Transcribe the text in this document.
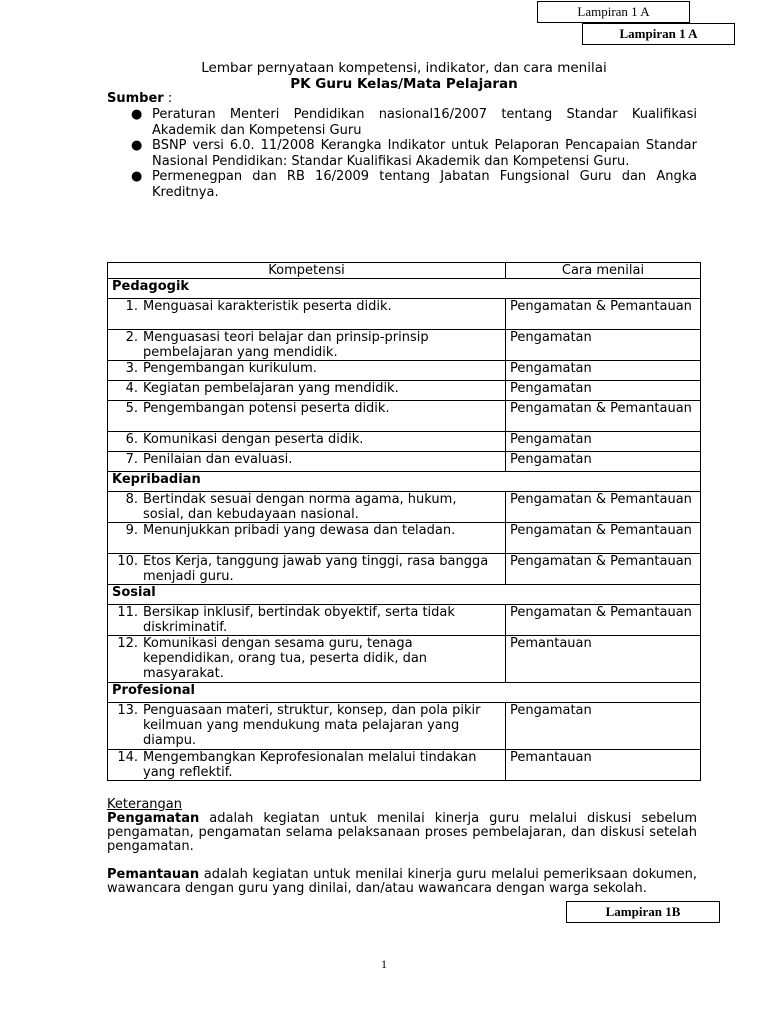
Lampiran 1 A
Lampiran 1 A
Lembar pernyataan kompetensi, indikator, dan cara menilai
PK Guru Kelas/Mata Pelajaran
Sumber :
● Peraturan Menteri Pendidikan nasional16/2007 tentang Standar Kualifikasi Akademik dan Kompetensi Guru
● BSNP versi 6.0. 11/2008 Kerangka Indikator untuk Pelaporan Pencapaian Standar Nasional Pendidikan: Standar Kualifikasi Akademik dan Kompetensi Guru.
● Permenegpan dan RB 16/2009 tentang Jabatan Fungsional Guru dan Angka Kreditnya.
Kompetensi	Cara menilai
Pedagogik	
1. Menguasai karakteristik peserta didik.	Pengamatan & Pemantauan
2. Menguasasi teori belajar dan prinsip-prinsip pembelajaran yang mendidik.	Pengamatan
3. Pengembangan kurikulum.	Pengamatan
4. Kegiatan pembelajaran yang mendidik.	Pengamatan
5. Pengembangan potensi peserta didik.	Pengamatan & Pemantauan
6. Komunikasi dengan peserta didik.	Pengamatan
7. Penilaian dan evaluasi.	Pengamatan
Kepribadian	
8. Bertindak sesuai dengan norma agama, hukum, sosial, dan kebudayaan nasional.	Pengamatan & Pemantauan
9. Menunjukkan pribadi yang dewasa dan teladan.	Pengamatan & Pemantauan
10. Etos Kerja, tanggung jawab yang tinggi, rasa bangga menjadi guru.	Pengamatan & Pemantauan
Sosial	
11. Bersikap inklusif, bertindak obyektif, serta tidak diskriminatif.	Pengamatan & Pemantauan
12. Komunikasi dengan sesama guru, tenaga kependidikan, orang tua, peserta didik, dan masyarakat.	Pemantauan
Profesional	
13. Penguasaan materi, struktur, konsep, dan pola pikir keilmuan yang mendukung mata pelajaran yang diampu.	Pengamatan
14. Mengembangkan Keprofesionalan melalui tindakan yang reflektif.	Pemantauan

Keterangan

Pengamatan adalah kegiatan untuk menilai kinerja guru melalui diskusi sebelum pengamatan, pengamatan selama pelaksanaan proses pembelajaran, dan diskusi setelah pengamatan.

Pemantauan adalah kegiatan untuk menilai kinerja guru melalui pemeriksaan dokumen, wawancara dengan guru yang dinilai, dan/atau wawancara dengan warga sekolah.

Lampiran 1B
1
